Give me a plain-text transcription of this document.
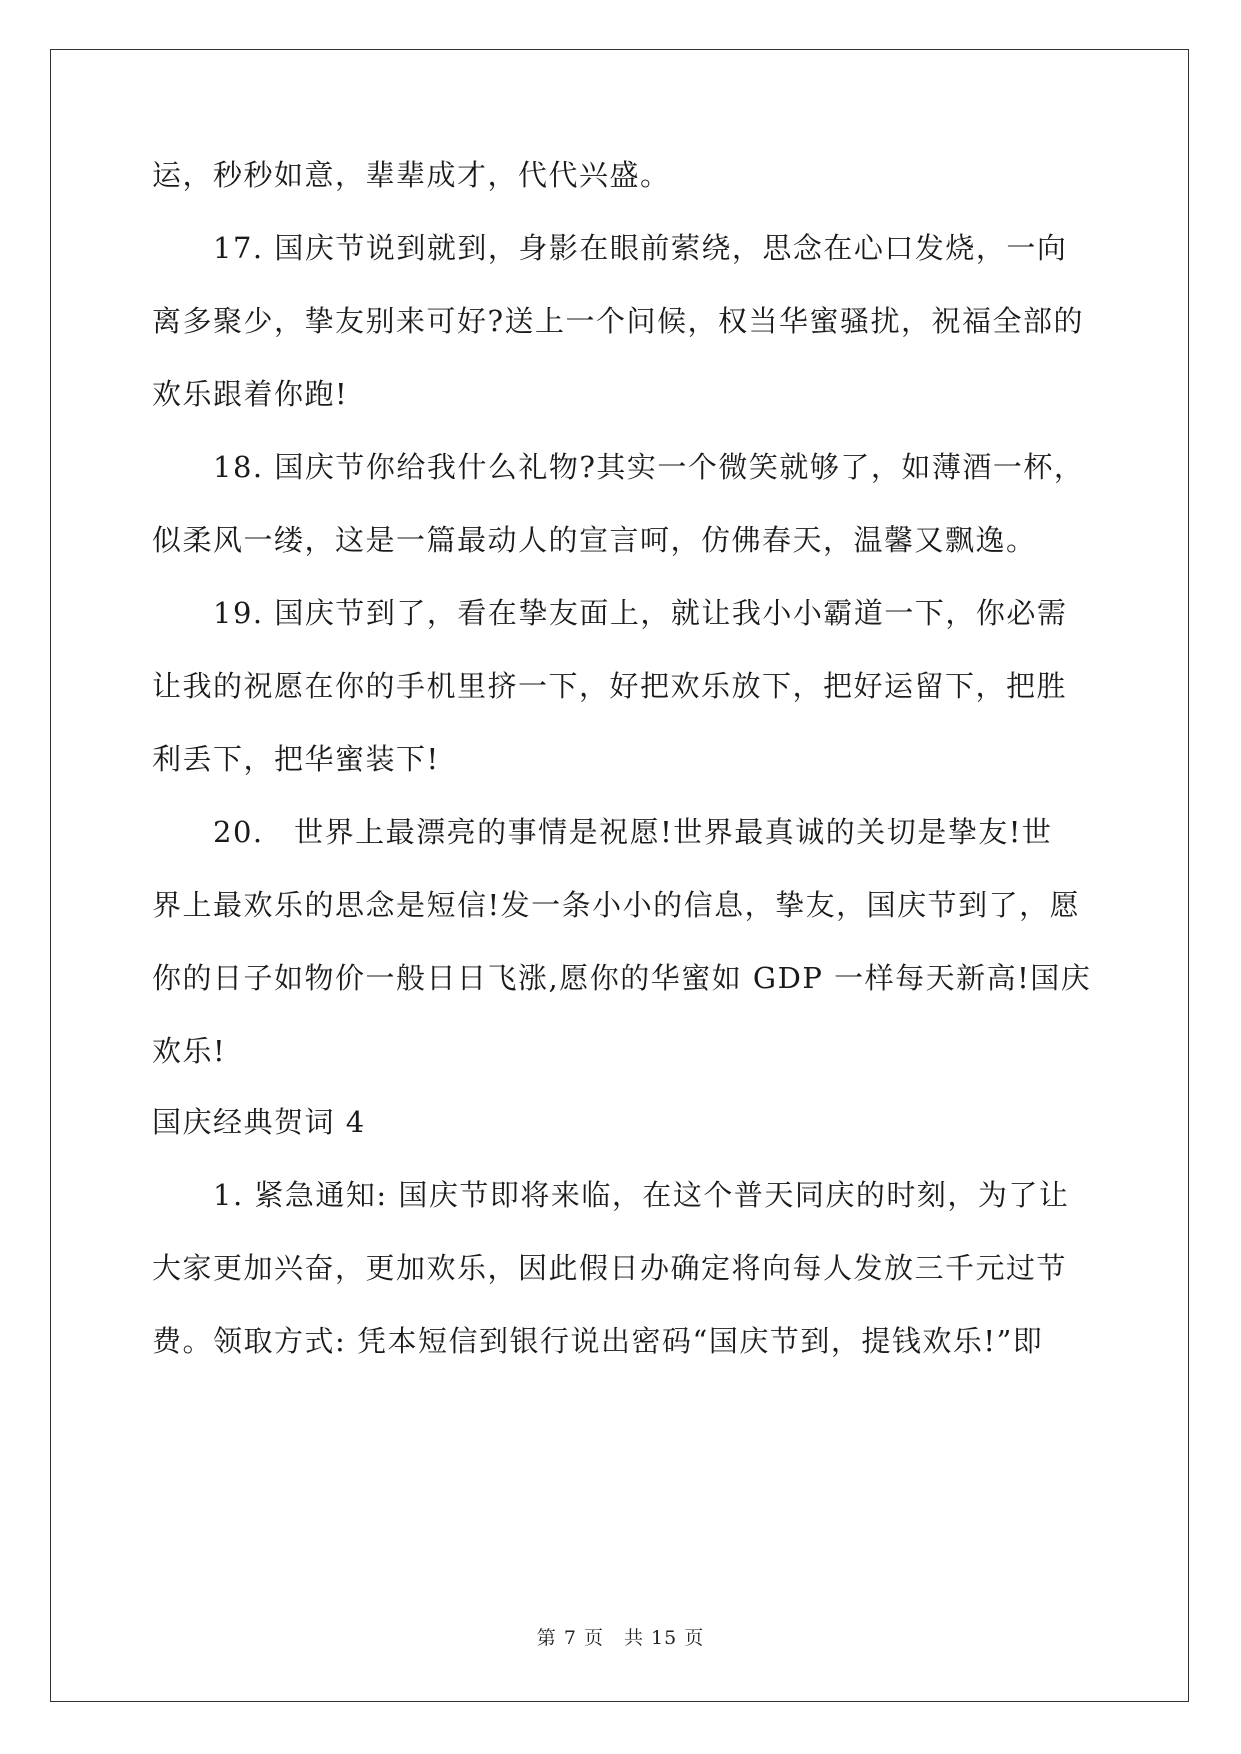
运，秒秒如意，辈辈成才，代代兴盛。
　　17. 国庆节说到就到，身影在眼前萦绕，思念在心口发烧，一向
离多聚少，挚友别来可好?送上一个问候，权当华蜜骚扰，祝福全部的
欢乐跟着你跑!
　　18. 国庆节你给我什么礼物?其实一个微笑就够了，如薄酒一杯，
似柔风一缕，这是一篇最动人的宣言呵，仿佛春天，温馨又飘逸。
　　19. 国庆节到了，看在挚友面上，就让我小小霸道一下，你必需
让我的祝愿在你的手机里挤一下，好把欢乐放下，把好运留下，把胜
利丢下，把华蜜装下!
　　20.　世界上最漂亮的事情是祝愿!世界最真诚的关切是挚友!世
界上最欢乐的思念是短信!发一条小小的信息，挚友，国庆节到了，愿
你的日子如物价一般日日飞涨,愿你的华蜜如 GDP 一样每天新高!国庆
欢乐!
国庆经典贺词 4
　　1. 紧急通知: 国庆节即将来临，在这个普天同庆的时刻，为了让
大家更加兴奋，更加欢乐，因此假日办确定将向每人发放三千元过节
费。领取方式: 凭本短信到银行说出密码“国庆节到，提钱欢乐!”即
第 7 页　共 15 页
